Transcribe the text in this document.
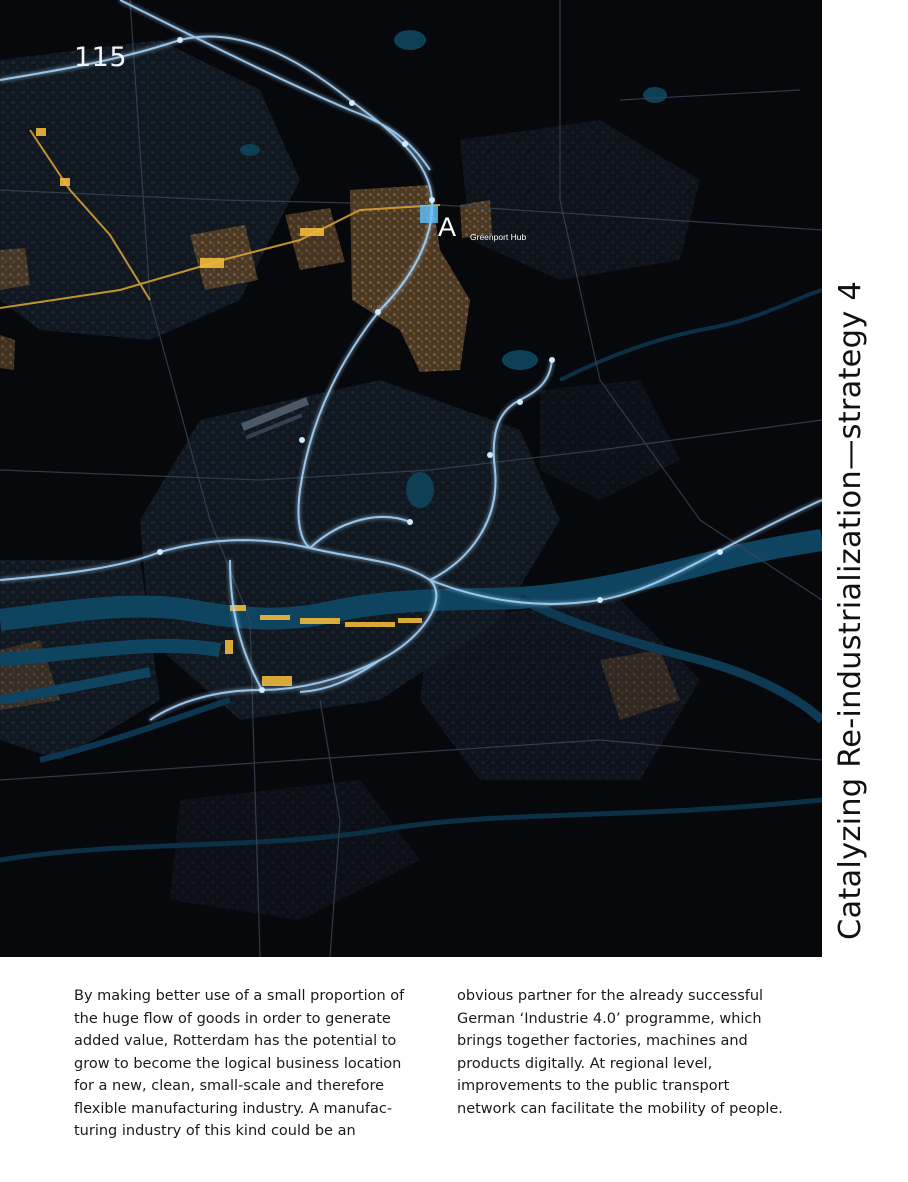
115
A Greenport Hub
Catalyzing Re-industrialization—strategy 4
By making better use of a small proportion of
the huge flow of goods in order to generate
added value, Rotterdam has the potential to
grow to become the logical business location
for a new, clean, small-scale and therefore
flexible manufacturing industry. A manufac-
turing industry of this kind could be an
obvious partner for the already successful
German ‘Industrie 4.0’ programme, which
brings together factories, machines and
products digitally. At regional level,
improvements to the public transport
network can facilitate the mobility of people.
